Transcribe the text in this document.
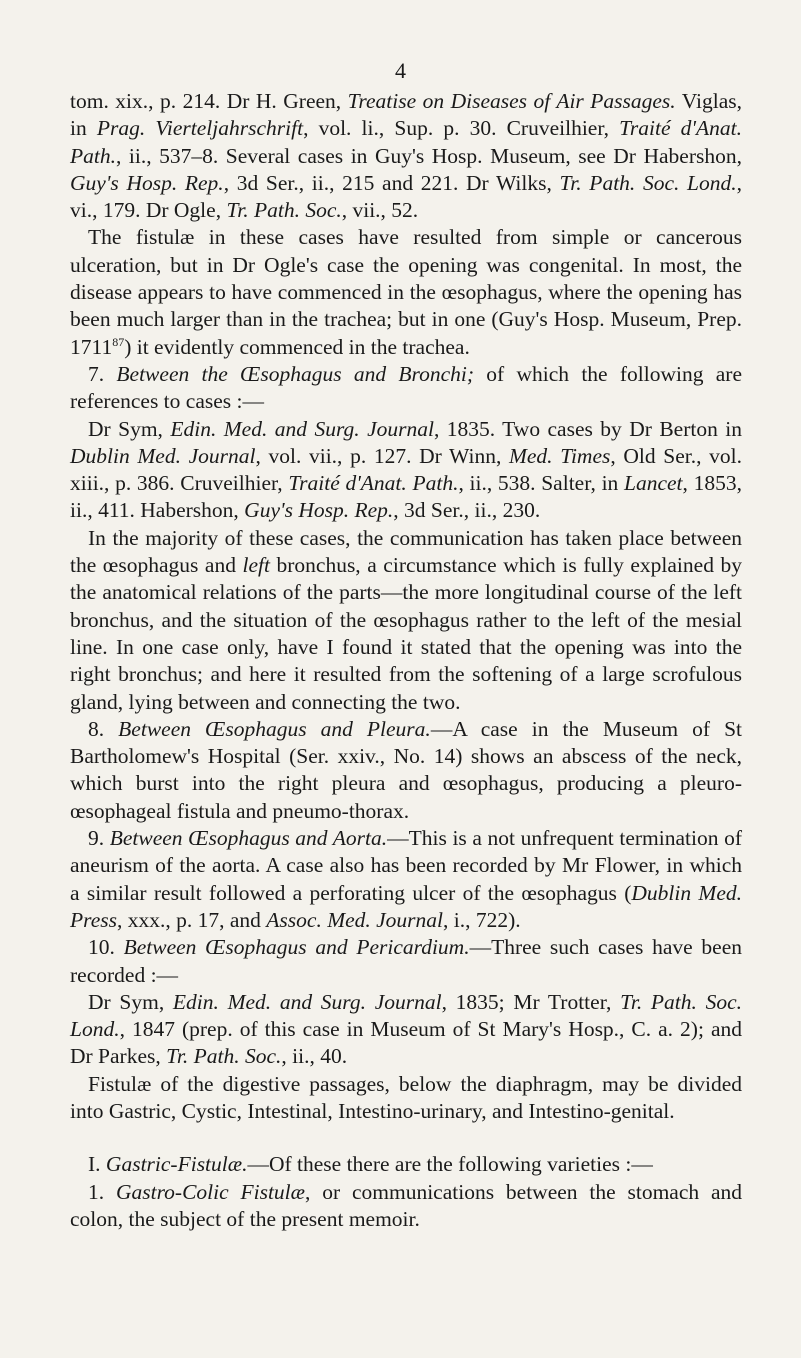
4

tom. xix., p. 214. Dr H. Green, Treatise on Diseases of Air Passages. Viglas, in Prag. Vierteljahrschrift, vol. li., Sup. p. 30. Cruveilhier, Traité d'Anat. Path., ii., 537–8. Several cases in Guy's Hosp. Museum, see Dr Habershon, Guy's Hosp. Rep., 3d Ser., ii., 215 and 221. Dr Wilks, Tr. Path. Soc. Lond., vi., 179. Dr Ogle, Tr. Path. Soc., vii., 52.

The fistulæ in these cases have resulted from simple or cancerous ulceration, but in Dr Ogle's case the opening was congenital. In most, the disease appears to have commenced in the œsophagus, where the opening has been much larger than in the trachea; but in one (Guy's Hosp. Museum, Prep. 1711$^{87}$) it evidently commenced in the trachea.

7. Between the Œsophagus and Bronchi; of which the following are references to cases :—

Dr Sym, Edin. Med. and Surg. Journal, 1835. Two cases by Dr Berton in Dublin Med. Journal, vol. vii., p. 127. Dr Winn, Med. Times, Old Ser., vol. xiii., p. 386. Cruveilhier, Traité d'Anat. Path., ii., 538. Salter, in Lancet, 1853, ii., 411. Habershon, Guy's Hosp. Rep., 3d Ser., ii., 230.

In the majority of these cases, the communication has taken place between the œsophagus and left bronchus, a circumstance which is fully explained by the anatomical relations of the parts—the more longitudinal course of the left bronchus, and the situation of the œsophagus rather to the left of the mesial line. In one case only, have I found it stated that the opening was into the right bronchus; and here it resulted from the softening of a large scrofulous gland, lying between and connecting the two.

8. Between Œsophagus and Pleura.—A case in the Museum of St Bartholomew's Hospital (Ser. xxiv., No. 14) shows an abscess of the neck, which burst into the right pleura and œsophagus, producing a pleuro-œsophageal fistula and pneumo-thorax.

9. Between Œsophagus and Aorta.—This is a not unfrequent termination of aneurism of the aorta. A case also has been recorded by Mr Flower, in which a similar result followed a perforating ulcer of the œsophagus (Dublin Med. Press, xxx., p. 17, and Assoc. Med. Journal, i., 722).

10. Between Œsophagus and Pericardium.—Three such cases have been recorded :—

Dr Sym, Edin. Med. and Surg. Journal, 1835; Mr Trotter, Tr. Path. Soc. Lond., 1847 (prep. of this case in Museum of St Mary's Hosp., C. a. 2); and Dr Parkes, Tr. Path. Soc., ii., 40.

Fistulæ of the digestive passages, below the diaphragm, may be divided into Gastric, Cystic, Intestinal, Intestino-urinary, and Intestino-genital.

I. Gastric-Fistulæ.—Of these there are the following varieties :—

1. Gastro-Colic Fistulæ, or communications between the stomach and colon, the subject of the present memoir.
